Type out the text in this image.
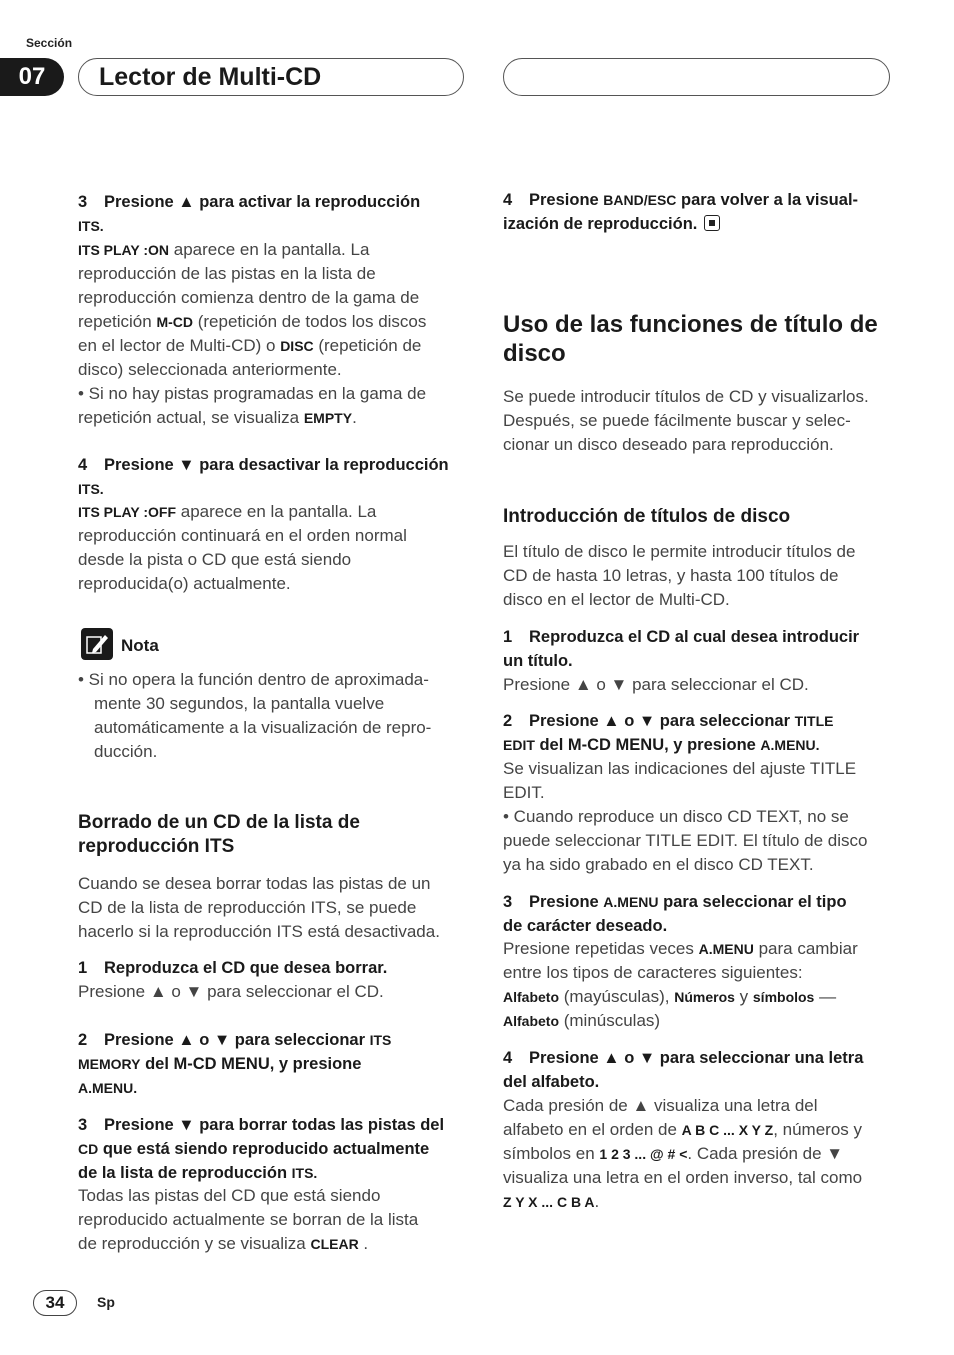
Sección
07	Lector de Multi-CD
3 Presione ▲ para activar la reproducción
ITS.
ITS PLAY :ON aparece en la pantalla. La
reproducción de las pistas en la lista de
reproducción comienza dentro de la gama de
repetición M-CD (repetición de todos los discos
en el lector de Multi-CD) o DISC (repetición de
disco) seleccionada anteriormente.
• Si no hay pistas programadas en la gama de
repetición actual, se visualiza EMPTY.
4 Presione ▼ para desactivar la reproducción
ITS.
ITS PLAY :OFF aparece en la pantalla. La
reproducción continuará en el orden normal
desde la pista o CD que está siendo
reproducida(o) actualmente.
Nota
• Si no opera la función dentro de aproximada-
mente 30 segundos, la pantalla vuelve
automáticamente a la visualización de repro-
ducción.
Borrado de un CD de la lista de
reproducción ITS
Cuando se desea borrar todas las pistas de un
CD de la lista de reproducción ITS, se puede
hacerlo si la reproducción ITS está desactivada.
1 Reproduzca el CD que desea borrar.
Presione ▲ o ▼ para seleccionar el CD.
2 Presione ▲ o ▼ para seleccionar ITS
MEMORY del M-CD MENU, y presione
A.MENU.
3 Presione ▼ para borrar todas las pistas del
CD que está siendo reproducido actualmente
de la lista de reproducción ITS.
Todas las pistas del CD que está siendo
reproducido actualmente se borran de la lista
de reproducción y se visualiza CLEAR .
4 Presione BAND/ESC para volver a la visual-
ización de reproducción.
Uso de las funciones de título de
disco
Se puede introducir títulos de CD y visualizarlos.
Después, se puede fácilmente buscar y selec-
cionar un disco deseado para reproducción.
Introducción de títulos de disco
El título de disco le permite introducir títulos de
CD de hasta 10 letras, y hasta 100 títulos de
disco en el lector de Multi-CD.
1 Reproduzca el CD al cual desea introducir
un título.
Presione ▲ o ▼ para seleccionar el CD.
2 Presione ▲ o ▼ para seleccionar TITLE
EDIT del M-CD MENU, y presione A.MENU.
Se visualizan las indicaciones del ajuste TITLE
EDIT.
• Cuando reproduce un disco CD TEXT, no se
puede seleccionar TITLE EDIT. El título de disco
ya ha sido grabado en el disco CD TEXT.
3 Presione A.MENU para seleccionar el tipo
de carácter deseado.
Presione repetidas veces A.MENU para cambiar
entre los tipos de caracteres siguientes:
Alfabeto (mayúsculas), Números y símbolos —
Alfabeto (minúsculas)
4 Presione ▲ o ▼ para seleccionar una letra
del alfabeto.
Cada presión de ▲ visualiza una letra del
alfabeto en el orden de A B C ... X Y Z, números y
símbolos en 1 2 3 ... @ # <. Cada presión de ▼
visualiza una letra en el orden inverso, tal como
Z Y X ... C B A.
34	Sp
